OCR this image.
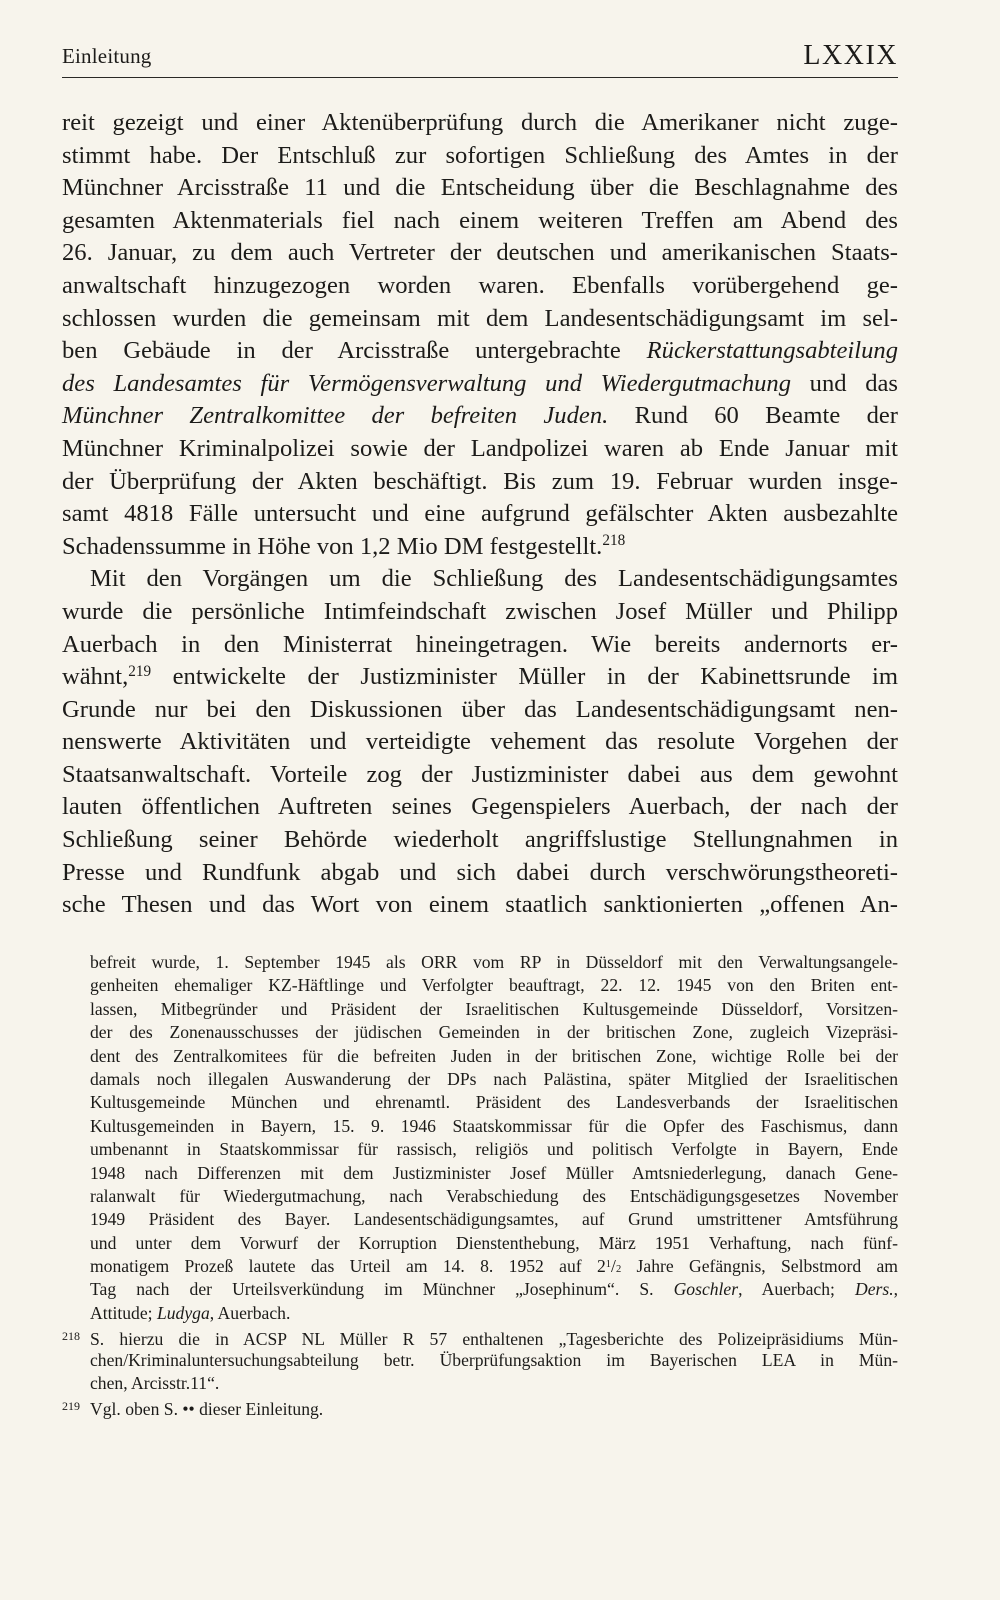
Einleitung	LXXIX
reit gezeigt und einer Aktenüberprüfung durch die Amerikaner nicht zuge-
stimmt habe. Der Entschluß zur sofortigen Schließung des Amtes in der
Münchner Arcisstraße 11 und die Entscheidung über die Beschlagnahme des
gesamten Aktenmaterials fiel nach einem weiteren Treffen am Abend des
26. Januar, zu dem auch Vertreter der deutschen und amerikanischen Staats-
anwaltschaft hinzugezogen worden waren. Ebenfalls vorübergehend ge-
schlossen wurden die gemeinsam mit dem Landesentschädigungsamt im sel-
ben Gebäude in der Arcisstraße untergebrachte Rückerstattungsabteilung
des Landesamtes für Vermögensverwaltung und Wiedergutmachung und das
Münchner Zentralkomittee der befreiten Juden. Rund 60 Beamte der
Münchner Kriminalpolizei sowie der Landpolizei waren ab Ende Januar mit
der Überprüfung der Akten beschäftigt. Bis zum 19. Februar wurden insge-
samt 4818 Fälle untersucht und eine aufgrund gefälschter Akten ausbezahlte
Schadenssumme in Höhe von 1,2 Mio DM festgestellt.$^{218}$
Mit den Vorgängen um die Schließung des Landesentschädigungsamtes
wurde die persönliche Intimfeindschaft zwischen Josef Müller und Philipp
Auerbach in den Ministerrat hineingetragen. Wie bereits andernorts er-
wähnt,$^{219}$ entwickelte der Justizminister Müller in der Kabinettsrunde im
Grunde nur bei den Diskussionen über das Landesentschädigungsamt nen-
nenswerte Aktivitäten und verteidigte vehement das resolute Vorgehen der
Staatsanwaltschaft. Vorteile zog der Justizminister dabei aus dem gewohnt
lauten öffentlichen Auftreten seines Gegenspielers Auerbach, der nach der
Schließung seiner Behörde wiederholt angriffslustige Stellungnahmen in
Presse und Rundfunk abgab und sich dabei durch verschwörungstheoreti-
sche Thesen und das Wort von einem staatlich sanktionierten „offenen An-
befreit wurde, 1. September 1945 als ORR vom RP in Düsseldorf mit den Verwaltungsangele-
genheiten ehemaliger KZ-Häftlinge und Verfolgter beauftragt, 22. 12. 1945 von den Briten ent-
lassen, Mitbegründer und Präsident der Israelitischen Kultusgemeinde Düsseldorf, Vorsitzen-
der des Zonenausschusses der jüdischen Gemeinden in der britischen Zone, zugleich Vizepräsi-
dent des Zentralkomitees für die befreiten Juden in der britischen Zone, wichtige Rolle bei der
damals noch illegalen Auswanderung der DPs nach Palästina, später Mitglied der Israelitischen
Kultusgemeinde München und ehrenamtl. Präsident des Landesverbands der Israelitischen
Kultusgemeinden in Bayern, 15. 9. 1946 Staatskommissar für die Opfer des Faschismus, dann
umbenannt in Staatskommissar für rassisch, religiös und politisch Verfolgte in Bayern, Ende
1948 nach Differenzen mit dem Justizminister Josef Müller Amtsniederlegung, danach Gene-
ralanwalt für Wiedergutmachung, nach Verabschiedung des Entschädigungsgesetzes November
1949 Präsident des Bayer. Landesentschädigungsamtes, auf Grund umstrittener Amtsführung
und unter dem Vorwurf der Korruption Dienstenthebung, März 1951 Verhaftung, nach fünf-
monatigem Prozeß lautete das Urteil am 14. 8. 1952 auf $2^1/2$ Jahre Gefängnis, Selbstmord am
Tag nach der Urteilsverkündung im Münchner „Josephinum“. S. Goschler, Auerbach; Ders.,
Attitude; Ludyga, Auerbach.
218 S. hierzu die in ACSP NL Müller R 57 enthaltenen „Tagesberichte des Polizeipräsidiums Mün-
chen/Kriminaluntersuchungsabteilung betr. Überprüfungsaktion im Bayerischen LEA in Mün-
chen, Arcisstr.11“.
219 Vgl. oben S. •• dieser Einleitung.
